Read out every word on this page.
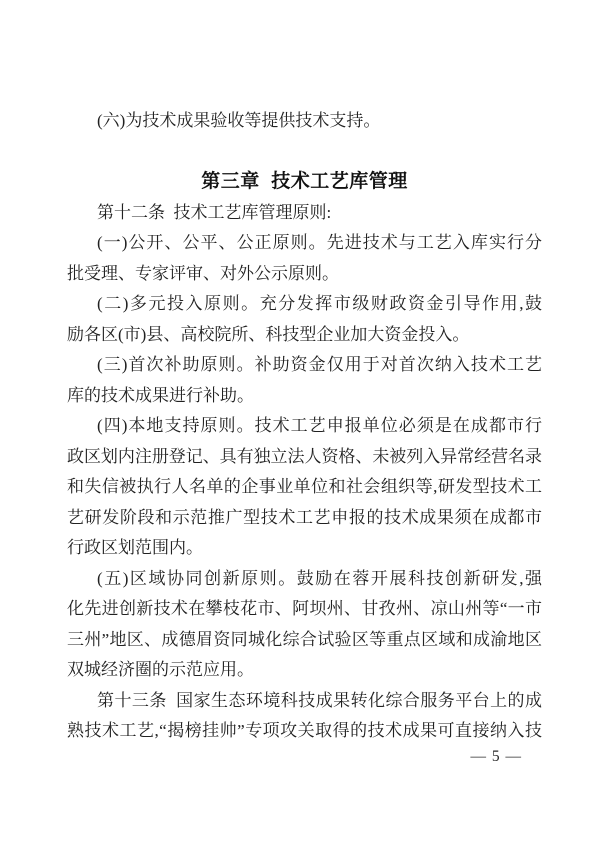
(六)为技术成果验收等提供技术支持。
第三章  技术工艺库管理
第十二条  技术工艺库管理原则:
(一)公开、公平、公正原则。先进技术与工艺入库实行分
批受理、专家评审、对外公示原则。
(二)多元投入原则。充分发挥市级财政资金引导作用,鼓
励各区(市)县、高校院所、科技型企业加大资金投入。
(三)首次补助原则。补助资金仅用于对首次纳入技术工艺
库的技术成果进行补助。
(四)本地支持原则。技术工艺申报单位必须是在成都市行
政区划内注册登记、具有独立法人资格、未被列入异常经营名录
和失信被执行人名单的企事业单位和社会组织等,研发型技术工
艺研发阶段和示范推广型技术工艺申报的技术成果须在成都市
行政区划范围内。
(五)区域协同创新原则。鼓励在蓉开展科技创新研发,强
化先进创新技术在攀枝花市、阿坝州、甘孜州、凉山州等“一市
三州”地区、成德眉资同城化综合试验区等重点区域和成渝地区
双城经济圈的示范应用。
第十三条  国家生态环境科技成果转化综合服务平台上的成
熟技术工艺,“揭榜挂帅”专项攻关取得的技术成果可直接纳入技
— 5 —
